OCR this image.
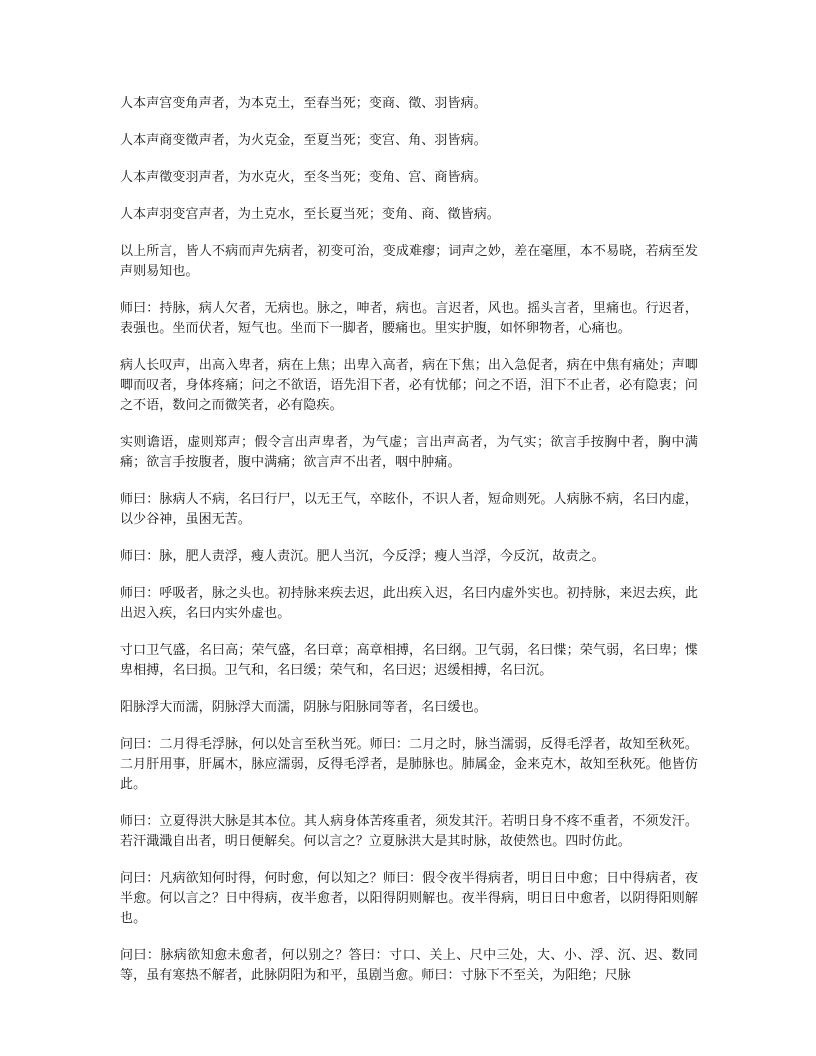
人本声宫变角声者，为本克土，至春当死；变商、徵、羽皆病。

人本声商变徵声者，为火克金，至夏当死；变宫、角、羽皆病。

人本声徵变羽声者，为水克火，至冬当死；变角、宫、商皆病。

人本声羽变宫声者，为土克水，至长夏当死；变角、商、徵皆病。

以上所言，皆人不病而声先病者，初变可治，变成难瘳；词声之妙，差在毫厘，本不易晓，若病至发声则易知也。

师曰：持脉，病人欠者，无病也。脉之，呻者，病也。言迟者，风也。摇头言者，里痛也。行迟者，表强也。坐而伏者，短气也。坐而下一脚者，腰痛也。里实护腹，如怀卵物者，心痛也。

病人长叹声，出高入卑者，病在上焦；出卑入高者，病在下焦；出入急促者，病在中焦有痛处；声唧唧而叹者，身体疼痛；问之不欲语，语先泪下者，必有忧郁；问之不语，泪下不止者，必有隐衷；问之不语，数问之而微笑者，必有隐疾。

实则谵语，虚则郑声；假令言出声卑者，为气虚；言出声高者，为气实；欲言手按胸中者，胸中满痛；欲言手按腹者，腹中满痛；欲言声不出者，咽中肿痛。

师曰：脉病人不病，名曰行尸，以无王气，卒眩仆，不识人者，短命则死。人病脉不病，名曰内虚，以少谷神，虽困无苦。

师曰：脉，肥人责浮，瘦人责沉。肥人当沉，今反浮；瘦人当浮，今反沉，故责之。

师曰：呼吸者，脉之头也。初持脉来疾去迟，此出疾入迟，名曰内虚外实也。初持脉，来迟去疾，此出迟入疾，名曰内实外虚也。

寸口卫气盛，名曰高；荣气盛，名曰章；高章相搏，名曰纲。卫气弱，名曰惵；荣气弱，名曰卑；惵卑相搏，名曰损。卫气和，名曰缓；荣气和，名曰迟；迟缓相搏，名曰沉。

阳脉浮大而濡，阴脉浮大而濡，阴脉与阳脉同等者，名曰缓也。

问曰：二月得毛浮脉，何以处言至秋当死。师曰：二月之时，脉当濡弱，反得毛浮者，故知至秋死。二月肝用事，肝属木，脉应濡弱，反得毛浮者，是肺脉也。肺属金，金来克木，故知至秋死。他皆仿此。

师曰：立夏得洪大脉是其本位。其人病身体苦疼重者，须发其汗。若明日身不疼不重者，不须发汗。若汗濈濈自出者，明日便解矣。何以言之？立夏脉洪大是其时脉，故使然也。四时仿此。

问曰：凡病欲知何时得，何时愈，何以知之？师曰：假令夜半得病者，明日日中愈；日中得病者，夜半愈。何以言之？日中得病，夜半愈者，以阳得阴则解也。夜半得病，明日日中愈者，以阴得阳则解也。

问曰：脉病欲知愈未愈者，何以别之？答曰：寸口、关上、尺中三处，大、小、浮、沉、迟、数同等，虽有寒热不解者，此脉阴阳为和平，虽剧当愈。师曰：寸脉下不至关，为阳绝；尺脉
